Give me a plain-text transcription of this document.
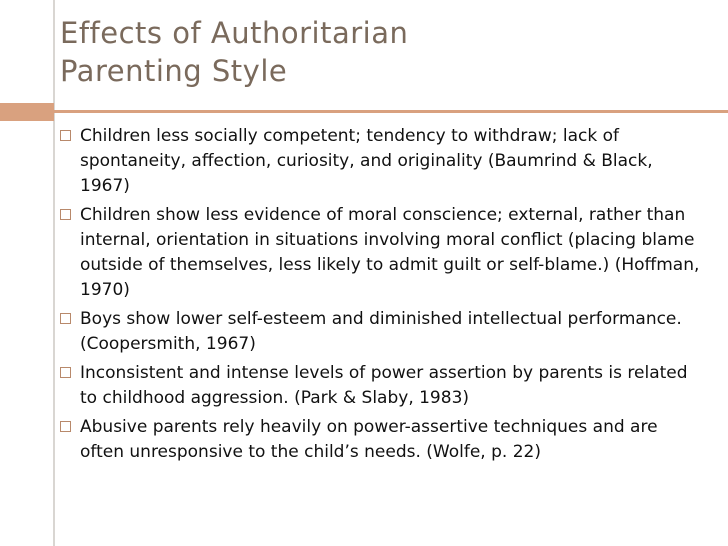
Effects of Authoritarian
Parenting Style
Children less socially competent; tendency to withdraw; lack of spontaneity, affection, curiosity, and originality (Baumrind & Black, 1967)
Children show less evidence of moral conscience; external, rather than internal, orientation in situations involving moral conflict (placing blame outside of themselves, less likely to admit guilt or self-blame.) (Hoffman, 1970)
Boys show lower self-esteem and diminished intellectual performance. (Coopersmith, 1967)
Inconsistent and intense levels of power assertion by parents is related to childhood aggression. (Park & Slaby, 1983)
Abusive parents rely heavily on power-assertive techniques and are often unresponsive to the child’s needs. (Wolfe, p. 22)
